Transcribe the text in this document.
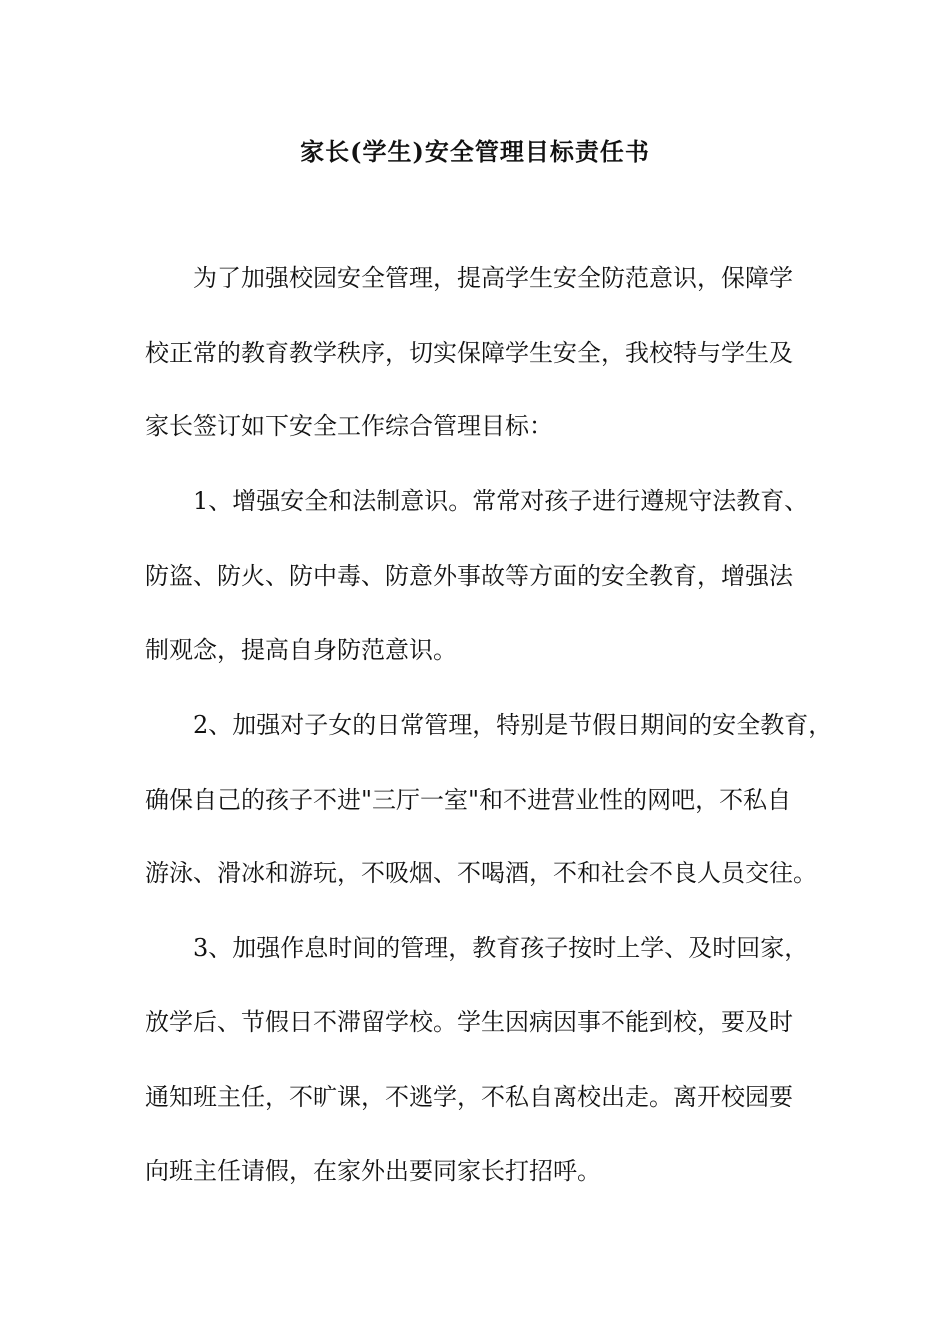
家长(学生)安全管理目标责任书
　　为了加强校园安全管理，提高学生安全防范意识，保障学
校正常的教育教学秩序，切实保障学生安全，我校特与学生及
家长签订如下安全工作综合管理目标：
　　1、增强安全和法制意识。常常对孩子进行遵规守法教育、
防盗、防火、防中毒、防意外事故等方面的安全教育，增强法
制观念，提高自身防范意识。
　　2、加强对子女的日常管理，特别是节假日期间的安全教育，
确保自己的孩子不进"三厅一室"和不进营业性的网吧，不私自
游泳、滑冰和游玩，不吸烟、不喝酒，不和社会不良人员交往。
　　3、加强作息时间的管理，教育孩子按时上学、及时回家，
放学后、节假日不滞留学校。学生因病因事不能到校，要及时
通知班主任，不旷课，不逃学，不私自离校出走。离开校园要
向班主任请假，在家外出要同家长打招呼。
